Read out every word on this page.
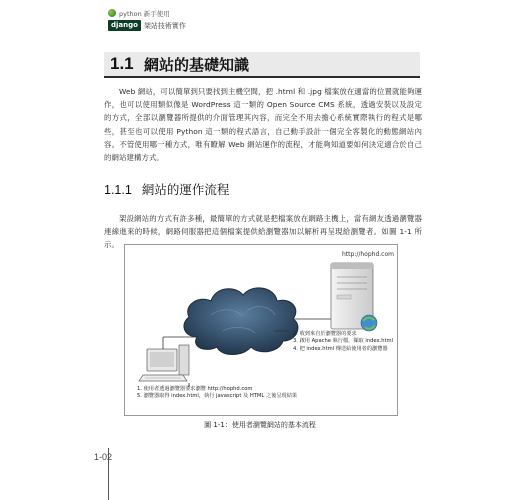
python 新手使用
django 架站技術實作
1.1 網站的基礎知識
Web 網站，可以簡單到只要找到主機空間，把 .html 和 .jpg 檔案放在適當的位置就能夠運作，也可以使用類似像是 WordPress 這一類的 Open Source CMS 系統，透過安裝以及設定的方式，全部以瀏覽器所提供的介面管理其內容，而完全不用去擔心系統實際執行的程式是哪些，甚至也可以使用 Python 這一類的程式語言，自己動手設計一個完全客製化的動態網站內容。不管使用哪一種方式，唯有瞭解 Web 網站運作的流程，才能夠知道要如何決定適合於自己的網站建構方式。
1.1.1 網站的運作流程
架設網站的方式有許多種，最簡單的方式就是把檔案放在網路主機上，當有網友透過瀏覽器連線進來的時候，網路伺服器把這個檔案提供給瀏覽器加以解析再呈現給瀏覽者。如圖 1-1 所示。
http://hophd.com
2. 收到來自於瀏覽器的要求
3. 啟用 Apache 執行檔，擷取 index.html
4. 把 index.html 傳送給使用者的瀏覽器
1. 使用者透過瀏覽器要求瀏覽 http://hophd.com
5. 瀏覽器取得 index.html，執行 javascript 及 HTML 之後呈現結果
圖 1-1：使用者瀏覽網站的基本流程
1-02
